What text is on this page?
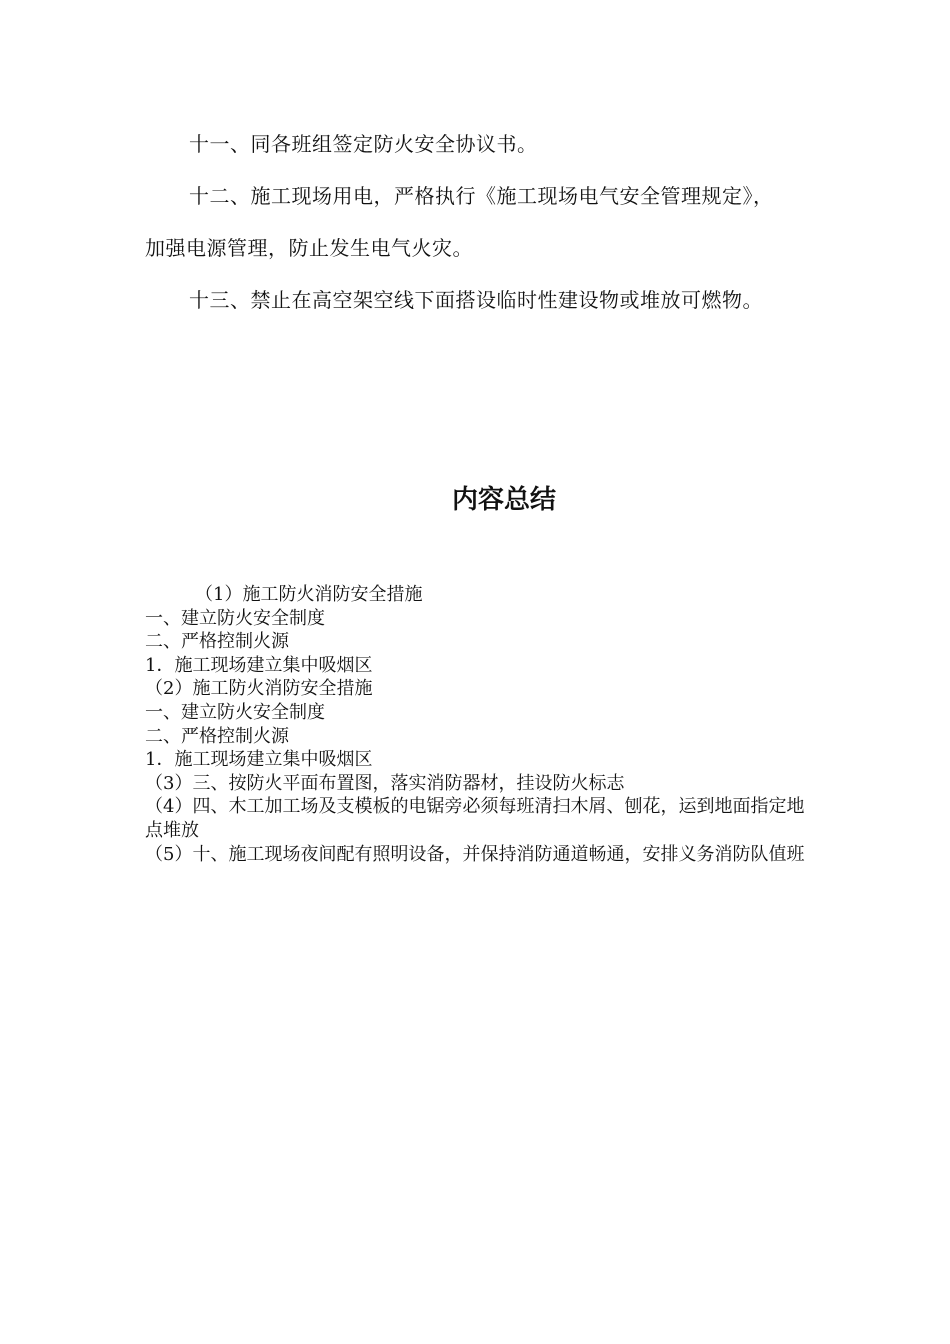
十一、同各班组签定防火安全协议书。

十二、施工现场用电，严格执行《施工现场电气安全管理规定》，加强电源管理，防止发生电气火灾。

十三、禁止在高空架空线下面搭设临时性建设物或堆放可燃物。

内容总结

（1）施工防火消防安全措施

一、建立防火安全制度

二、严格控制火源

1．施工现场建立集中吸烟区

（2）施工防火消防安全措施

一、建立防火安全制度

二、严格控制火源

1．施工现场建立集中吸烟区

（3）三、按防火平面布置图，落实消防器材，挂设防火标志

（4）四、木工加工场及支模板的电锯旁必须每班清扫木屑、刨花，运到地面指定地点堆放

（5）十、施工现场夜间配有照明设备，并保持消防通道畅通，安排义务消防队值班
